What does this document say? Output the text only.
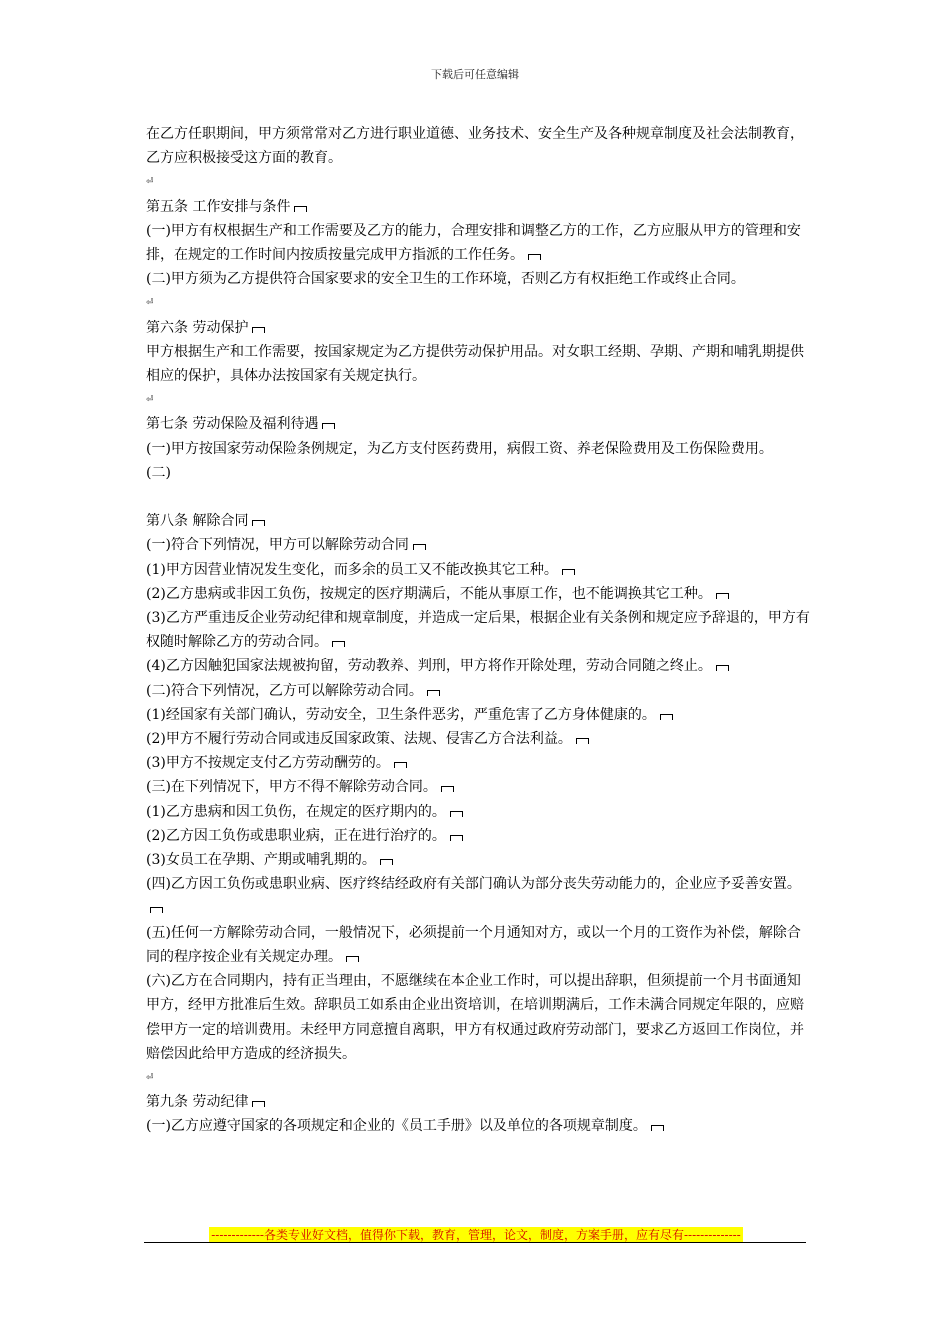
下载后可任意编辑

在乙方任职期间，甲方须常常对乙方进行职业道德、业务技术、安全生产及各种规章制度及社会法制教育，乙方应积极接受这方面的教育。

⏎

第五条 工作安排与条件

(一)甲方有权根据生产和工作需要及乙方的能力，合理安排和调整乙方的工作，乙方应服从甲方的管理和安排，在规定的工作时间内按质按量完成甲方指派的工作任务。

(二)甲方须为乙方提供符合国家要求的安全卫生的工作环境，否则乙方有权拒绝工作或终止合同。

⏎

第六条 劳动保护

甲方根据生产和工作需要，按国家规定为乙方提供劳动保护用品。对女职工经期、孕期、产期和哺乳期提供相应的保护，具体办法按国家有关规定执行。

⏎

第七条 劳动保险及福利待遇

(一)甲方按国家劳动保险条例规定，为乙方支付医药费用，病假工资、养老保险费用及工伤保险费用。

(二)

第八条 解除合同

(一)符合下列情况，甲方可以解除劳动合同

(1)甲方因营业情况发生变化，而多余的员工又不能改换其它工种。

(2)乙方患病或非因工负伤，按规定的医疗期满后，不能从事原工作，也不能调换其它工种。

(3)乙方严重违反企业劳动纪律和规章制度，并造成一定后果，根据企业有关条例和规定应予辞退的，甲方有权随时解除乙方的劳动合同。

(4)乙方因触犯国家法规被拘留，劳动教养、判刑，甲方将作开除处理，劳动合同随之终止。

(二)符合下列情况，乙方可以解除劳动合同。

(1)经国家有关部门确认，劳动安全，卫生条件恶劣，严重危害了乙方身体健康的。

(2)甲方不履行劳动合同或违反国家政策、法规、侵害乙方合法利益。

(3)甲方不按规定支付乙方劳动酬劳的。

(三)在下列情况下，甲方不得不解除劳动合同。

(1)乙方患病和因工负伤，在规定的医疗期内的。

(2)乙方因工负伤或患职业病，正在进行治疗的。

(3)女员工在孕期、产期或哺乳期的。

(四)乙方因工负伤或患职业病、医疗终结经政府有关部门确认为部分丧失劳动能力的，企业应予妥善安置。

(五)任何一方解除劳动合同，一般情况下，必须提前一个月通知对方，或以一个月的工资作为补偿，解除合同的程序按企业有关规定办理。

(六)乙方在合同期内，持有正当理由，不愿继续在本企业工作时，可以提出辞职，但须提前一个月书面通知甲方，经甲方批准后生效。辞职员工如系由企业出资培训，在培训期满后，工作未满合同规定年限的，应赔偿甲方一定的培训费用。未经甲方同意擅自离职，甲方有权通过政府劳动部门，要求乙方返回工作岗位，并赔偿因此给甲方造成的经济损失。

⏎

第九条 劳动纪律

(一)乙方应遵守国家的各项规定和企业的《员工手册》以及单位的各项规章制度。

-------------各类专业好文档，值得你下载，教育，管理，论文，制度，方案手册，应有尽有--------------
